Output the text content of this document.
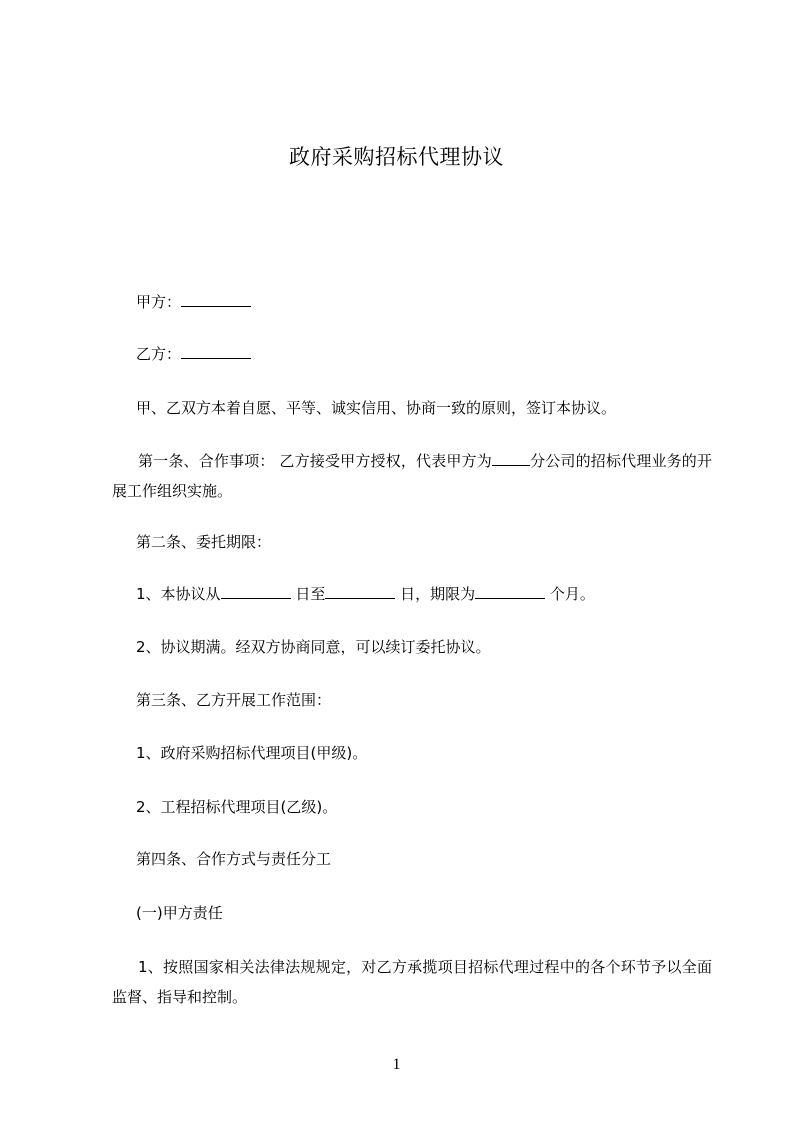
政府采购招标代理协议
甲方：
乙方：
甲、乙双方本着自愿、平等、诚实信用、协商一致的原则，签订本协议。
第一条、合作事项： 乙方接受甲方授权，代表甲方为	分公司的招标代理业务的开展工作组织实施。
第二条、委托期限：
1、本协议从	日至	日，期限为	个月。
2、协议期满。经双方协商同意，可以续订委托协议。
第三条、乙方开展工作范围：
1、政府采购招标代理项目(甲级)。
2、工程招标代理项目(乙级)。
第四条、合作方式与责任分工
(一)甲方责任
1、按照国家相关法律法规规定，对乙方承揽项目招标代理过程中的各个环节予以全面监督、指导和控制。
1
